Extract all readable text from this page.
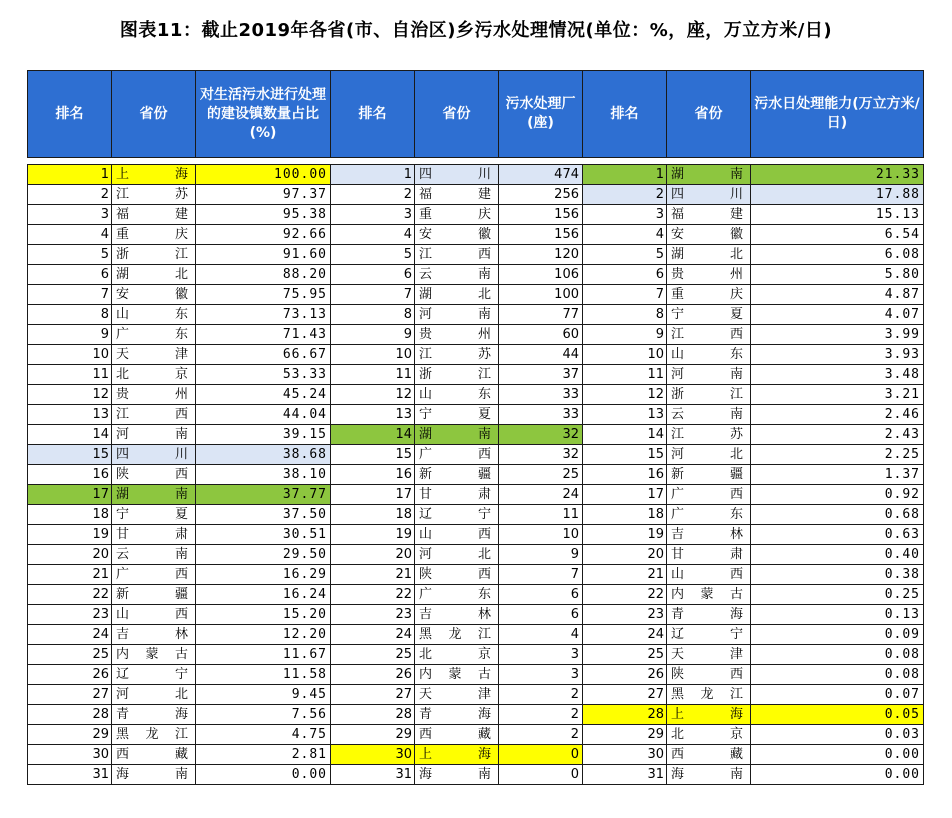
图表11：截止2019年各省(市、自治区)乡污水处理情况(单位：%，座，万立方米/日)
排名	省份	对生活污水进行处理的建设镇数量占比(%)	排名	省份	污水处理厂(座)	排名	省份	污水日处理能力(万立方米/日)

1	上海	100.00	1	四川	474	1	湖南	21.33
2	江苏	97.37	2	福建	256	2	四川	17.88
3	福建	95.38	3	重庆	156	3	福建	15.13
4	重庆	92.66	4	安徽	156	4	安徽	6.54
5	浙江	91.60	5	江西	120	5	湖北	6.08
6	湖北	88.20	6	云南	106	6	贵州	5.80
7	安徽	75.95	7	湖北	100	7	重庆	4.87
8	山东	73.13	8	河南	77	8	宁夏	4.07
9	广东	71.43	9	贵州	60	9	江西	3.99
10	天津	66.67	10	江苏	44	10	山东	3.93
11	北京	53.33	11	浙江	37	11	河南	3.48
12	贵州	45.24	12	山东	33	12	浙江	3.21
13	江西	44.04	13	宁夏	33	13	云南	2.46
14	河南	39.15	14	湖南	32	14	江苏	2.43
15	四川	38.68	15	广西	32	15	河北	2.25
16	陕西	38.10	16	新疆	25	16	新疆	1.37
17	湖南	37.77	17	甘肃	24	17	广西	0.92
18	宁夏	37.50	18	辽宁	11	18	广东	0.68
19	甘肃	30.51	19	山西	10	19	吉林	0.63
20	云南	29.50	20	河北	9	20	甘肃	0.40
21	广西	16.29	21	陕西	7	21	山西	0.38
22	新疆	16.24	22	广东	6	22	内蒙古	0.25
23	山西	15.20	23	吉林	6	23	青海	0.13
24	吉林	12.20	24	黑龙江	4	24	辽宁	0.09
25	内蒙古	11.67	25	北京	3	25	天津	0.08
26	辽宁	11.58	26	内蒙古	3	26	陕西	0.08
27	河北	9.45	27	天津	2	27	黑龙江	0.07
28	青海	7.56	28	青海	2	28	上海	0.05
29	黑龙江	4.75	29	西藏	2	29	北京	0.03
30	西藏	2.81	30	上海	0	30	西藏	0.00
31	海南	0.00	31	海南	0	31	海南	0.00
